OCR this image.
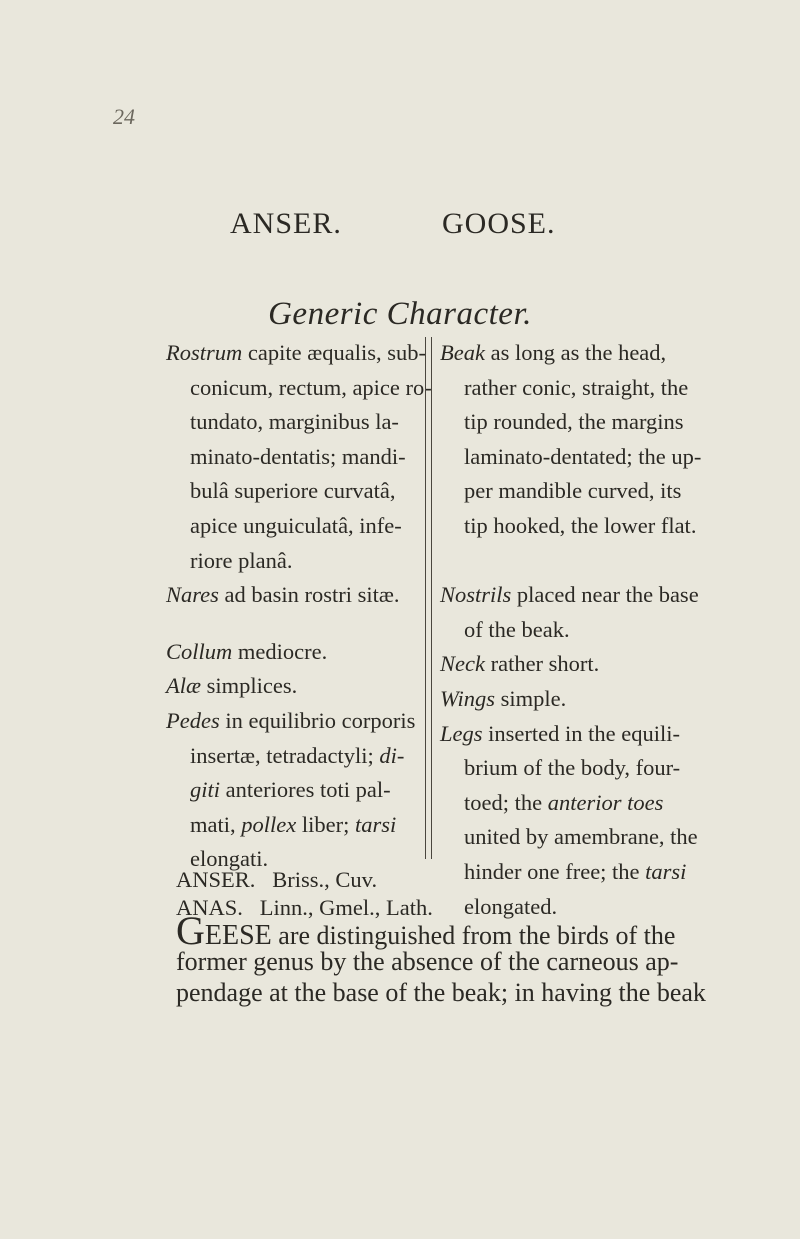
24
ANSER.	GOOSE.
Generic Character.
Rostrum capite æqualis, sub-
conicum, rectum, apice ro-
tundato, marginibus la-
minato-dentatis; mandi-
bulâ superiore curvatâ,
apice unguiculatâ, infe-
riore planâ.
Nares ad basin rostri sitæ.
Collum mediocre.
Alæ simplices.
Pedes in equilibrio corporis
insertæ, tetradactyli; di-
giti anteriores toti pal-
mati, pollex liber; tarsi
elongati.
Beak as long as the head,
rather conic, straight, the
tip rounded, the margins
laminato-dentated; the up-
per mandible curved, its
tip hooked, the lower flat.
Nostrils placed near the base
of the beak.
Neck rather short.
Wings simple.
Legs inserted in the equili-
brium of the body, four-
toed; the anterior toes
united by amembrane, the
hinder one free; the tarsi
elongated.
ANSER. Briss., Cuv.
ANAS. Linn., Gmel., Lath.
GEESE are distinguished from the birds of the
former genus by the absence of the carneous ap-
pendage at the base of the beak; in having the beak
